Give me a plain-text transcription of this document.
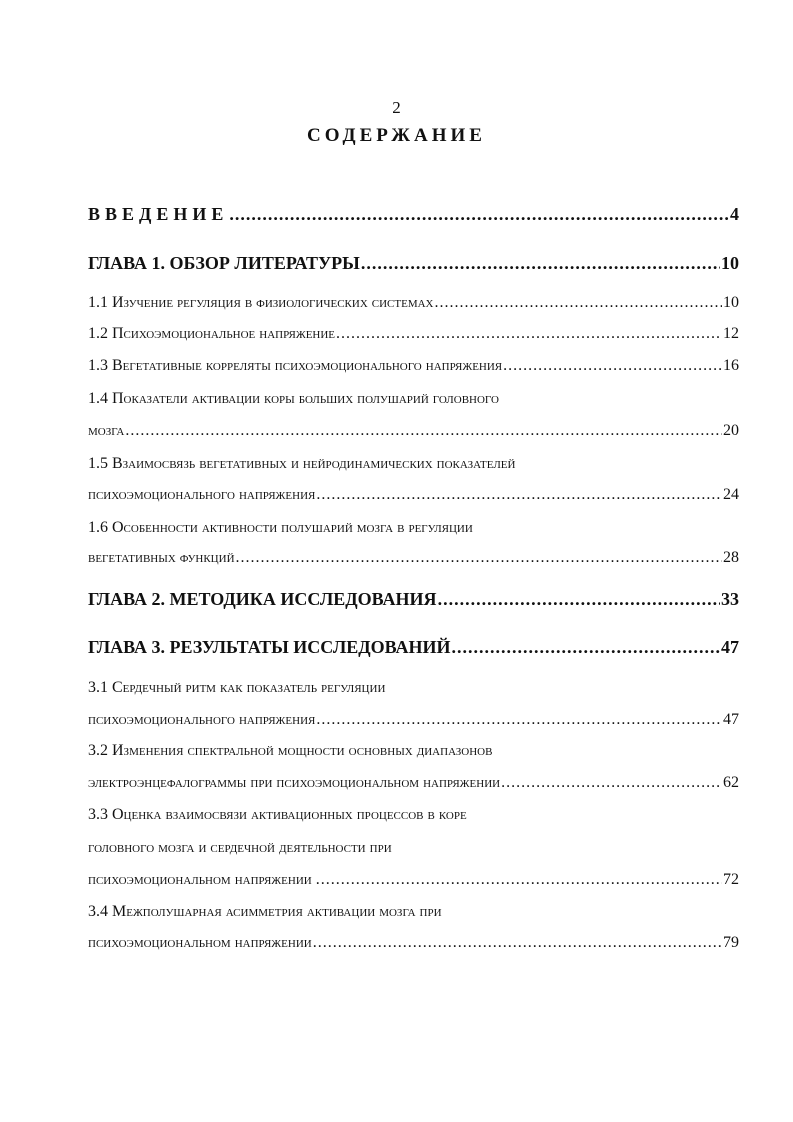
2
СОДЕРЖАНИЕ
ВВЕДЕНИЕ .....	4
ГЛАВА 1. ОБЗОР ЛИТЕРАТУРЫ .....	10
1.1 Изучение регуляция в физиологических системах .....	10
1.2 Психоэмоциональное напряжение .....	12
1.3 Вегетативные корреляты психоэмоционального напряжения .....	16
1.4 Показатели активации коры больших полушарий головного
мозга .....	20
1.5 Взаимосвязь вегетативных и нейродинамических показателей
психоэмоционального напряжения .....	24
1.6 Особенности активности полушарий мозга в регуляции
вегетативных функций .....	28
ГЛАВА 2. МЕТОДИКА ИССЛЕДОВАНИЯ .....	33
ГЛАВА 3. РЕЗУЛЬТАТЫ ИССЛЕДОВАНИЙ .....	47
3.1 Сердечный ритм как показатель регуляции
психоэмоционального напряжения .....	47
3.2 Изменения спектральной мощности основных диапазонов
электроэнцефалограммы при психоэмоциональном напряжении .....	62
3.3 Оценка взаимосвязи активационных процессов в коре
головного мозга и сердечной деятельности при
психоэмоциональном напряжении . .....	72
3.4 Межполушарная асимметрия активации мозга при
психоэмоциональном напряжении .....	79
